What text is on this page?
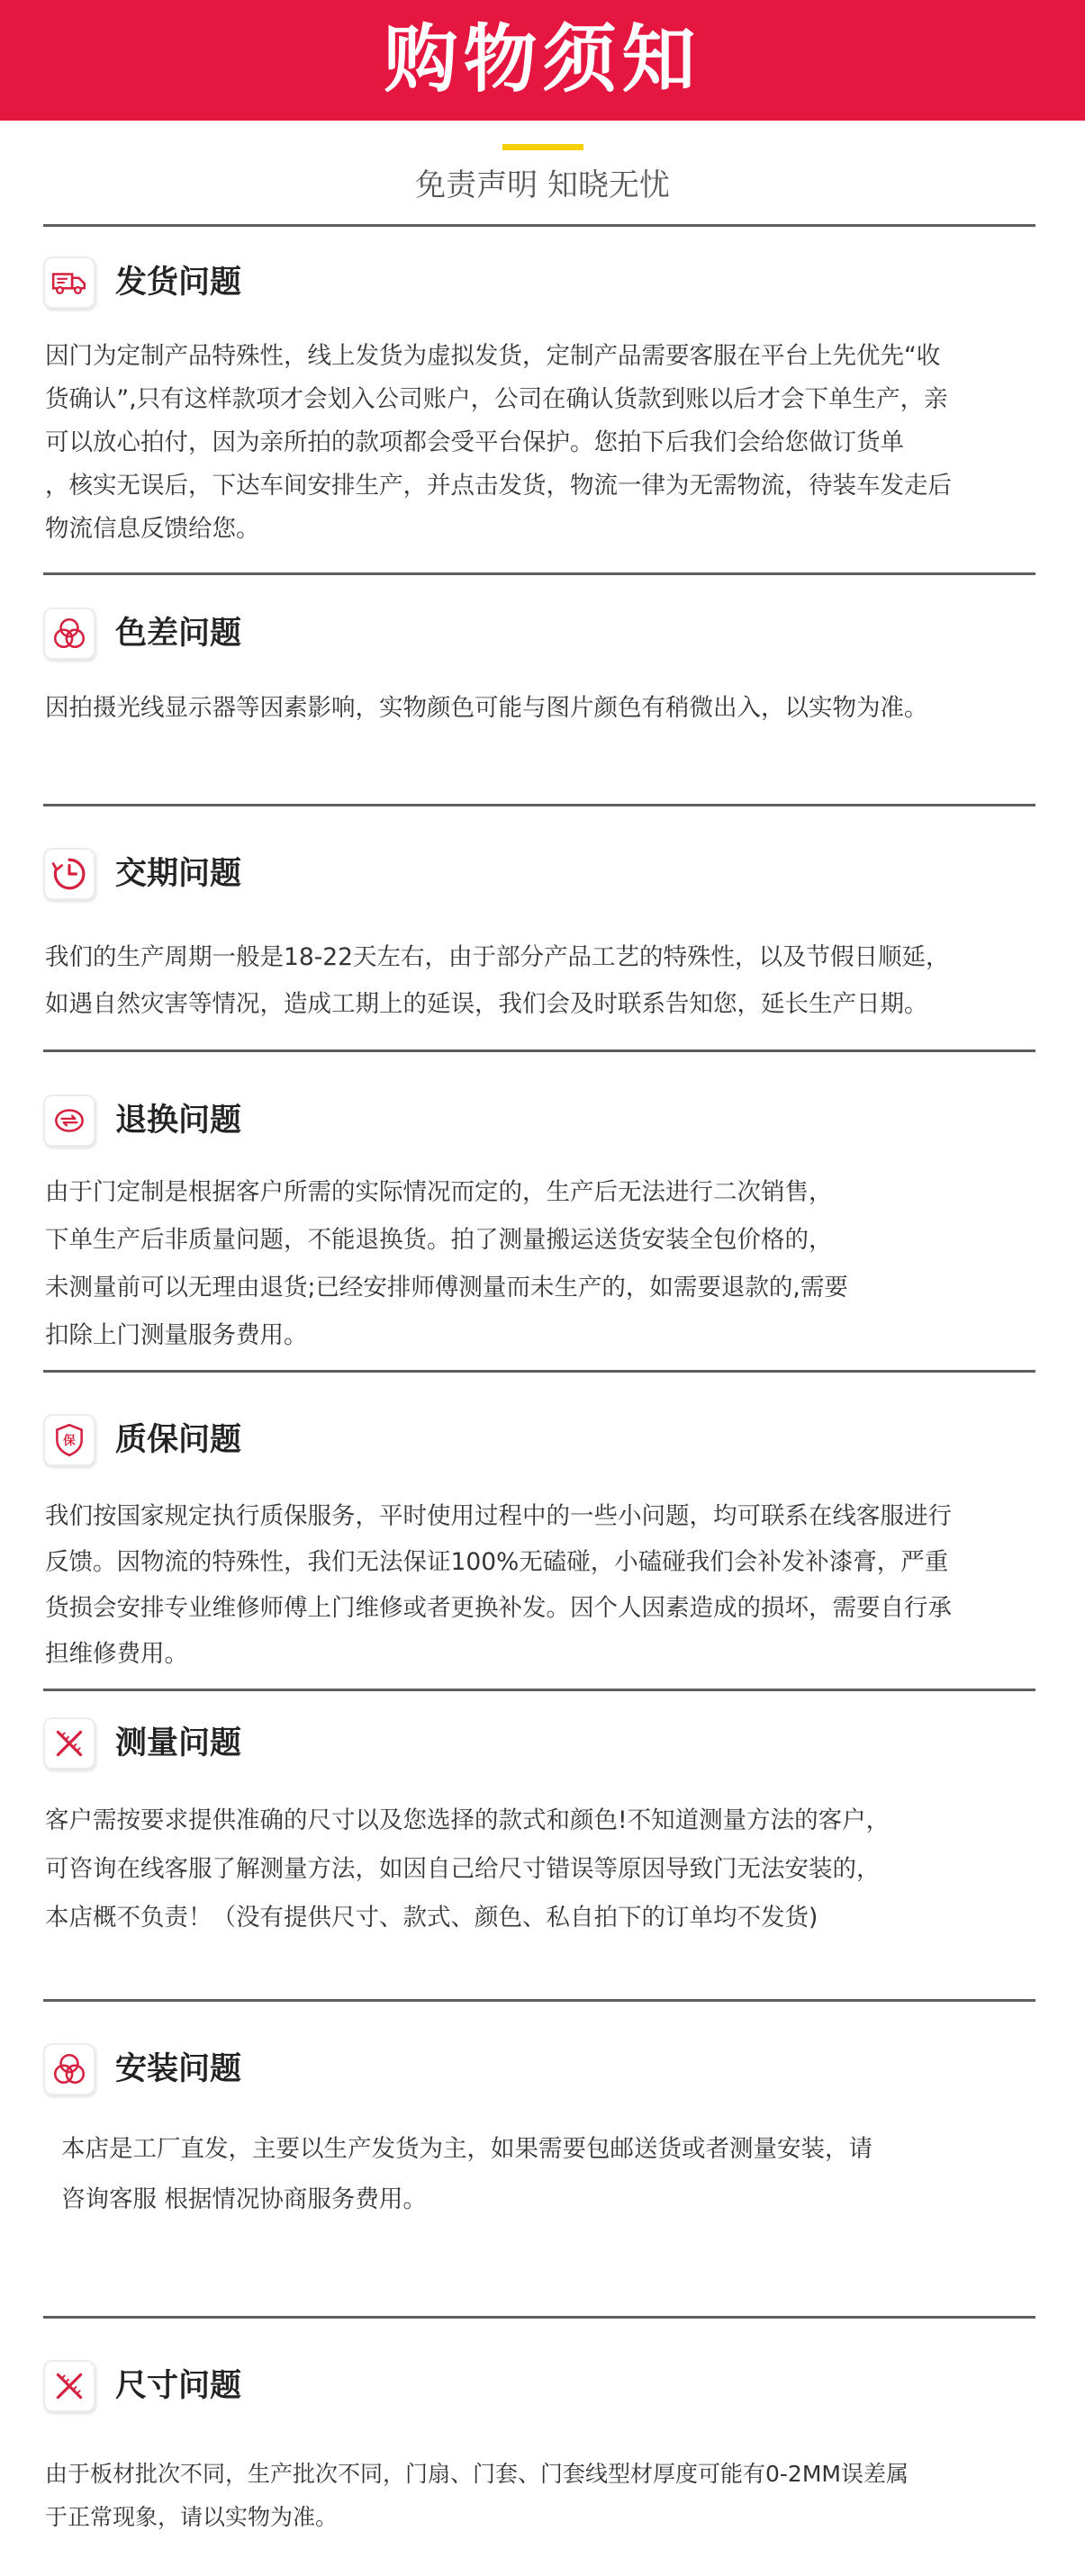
购物须知
免责声明 知晓无忧
发货问题
因门为定制产品特殊性，线上发货为虚拟发货，定制产品需要客服在平台上先优先“收
货确认”,只有这样款项才会划入公司账户，公司在确认货款到账以后才会下单生产，亲
可以放心拍付，因为亲所拍的款项都会受平台保护。您拍下后我们会给您做订货单
，核实无误后，下达车间安排生产，并点击发货，物流一律为无需物流，待装车发走后
物流信息反馈给您。
色差问题
因拍摄光线显示器等因素影响，实物颜色可能与图片颜色有稍微出入，以实物为准。
交期问题
我们的生产周期一般是18-22天左右，由于部分产品工艺的特殊性，以及节假日顺延，
如遇自然灾害等情况，造成工期上的延误，我们会及时联系告知您，延长生产日期。
退换问题
由于门定制是根据客户所需的实际情况而定的，生产后无法进行二次销售，
下单生产后非质量问题，不能退换货。拍了测量搬运送货安装全包价格的，
未测量前可以无理由退货;已经安排师傅测量而未生产的，如需要退款的,需要
扣除上门测量服务费用。
保 质保问题
我们按国家规定执行质保服务，平时使用过程中的一些小问题，均可联系在线客服进行
反馈。因物流的特殊性，我们无法保证100%无磕碰，小磕碰我们会补发补漆膏，严重
货损会安排专业维修师傅上门维修或者更换补发。因个人因素造成的损坏，需要自行承
担维修费用。
测量问题
客户需按要求提供准确的尺寸以及您选择的款式和颜色!不知道测量方法的客户，
可咨询在线客服了解测量方法，如因自己给尺寸错误等原因导致门无法安装的，
本店概不负责！（没有提供尺寸、款式、颜色、私自拍下的订单均不发货)
安装问题
本店是工厂直发，主要以生产发货为主，如果需要包邮送货或者测量安装，请
咨询客服 根据情况协商服务费用。
尺寸问题
由于板材批次不同，生产批次不同，门扇、门套、门套线型材厚度可能有0-2MM误差属
于正常现象，请以实物为准。
